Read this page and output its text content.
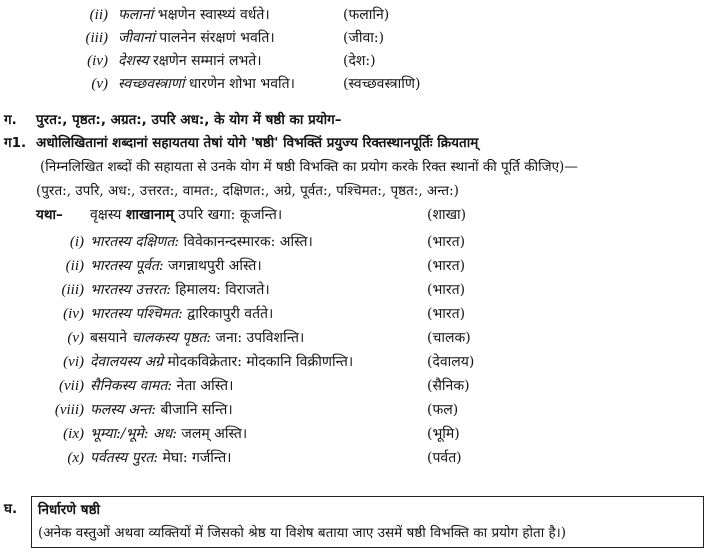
(ii) फलानां भक्षणेन स्वास्थ्यं वर्धते।	(फलानि)
(iii) जीवानां पालनेन संरक्षणं भवति।	(जीवा:)
(iv) देशस्य रक्षणेन सम्मानं लभते।	(देश:)
(v) स्वच्छवस्त्राणां धारणेन शोभा भवति।	(स्वच्छवस्त्राणि)
ग. पुरत:, पृष्ठत:, अग्रत:, उपरि अध:, के योग में षष्ठी का प्रयोग–
ग1. अधोलिखितानां शब्दानां सहायतया तेषां योगे 'षष्ठी' विभक्तिं प्रयुज्य रिक्तस्थानपूर्तिः क्रियताम्
(निम्नलिखित शब्दों की सहायता से उनके योग में षष्ठी विभक्ति का प्रयोग करके रिक्त स्थानों की पूर्ति कीजिए)—
(पुरत:, उपरि, अध:, उत्तरत:, वामत:, दक्षिणत:, अग्रे, पूर्वत:, पश्चिमत:, पृष्ठत:, अन्त:)
यथा– वृक्षस्य शाखानाम् उपरि खगा: कूजन्ति।	(शाखा)
(i) भारतस्य दक्षिणत: विवेकानन्दस्मारक: अस्ति।	(भारत)
(ii) भारतस्य पूर्वत: जगन्नाथपुरी अस्ति।	(भारत)
(iii) भारतस्य उत्तरत: हिमालय: विराजते।	(भारत)
(iv) भारतस्य पश्चिमत: द्वारिकापुरी वर्तते।	(भारत)
(v) बसयाने चालकस्य पृष्ठत: जना: उपविशन्ति।	(चालक)
(vi) देवालयस्य अग्रे मोदकविक्रेतार: मोदकानि विक्रीणन्ति।	(देवालय)
(vii) सैनिकस्य वामत: नेता अस्ति।	(सैनिक)
(viii) फलस्य अन्त: बीजानि सन्ति।	(फल)
(ix) भूम्या:/भूमे: अध: जलम् अस्ति।	(भूमि)
(x) पर्वतस्य पुरत: मेघा: गर्जन्ति।	(पर्वत)
घ. निर्धारणे षष्ठी
(अनेक वस्तुओं अथवा व्यक्तियों में जिसको श्रेष्ठ या विशेष बताया जाए उसमें षष्ठी विभक्ति का प्रयोग होता है।)
